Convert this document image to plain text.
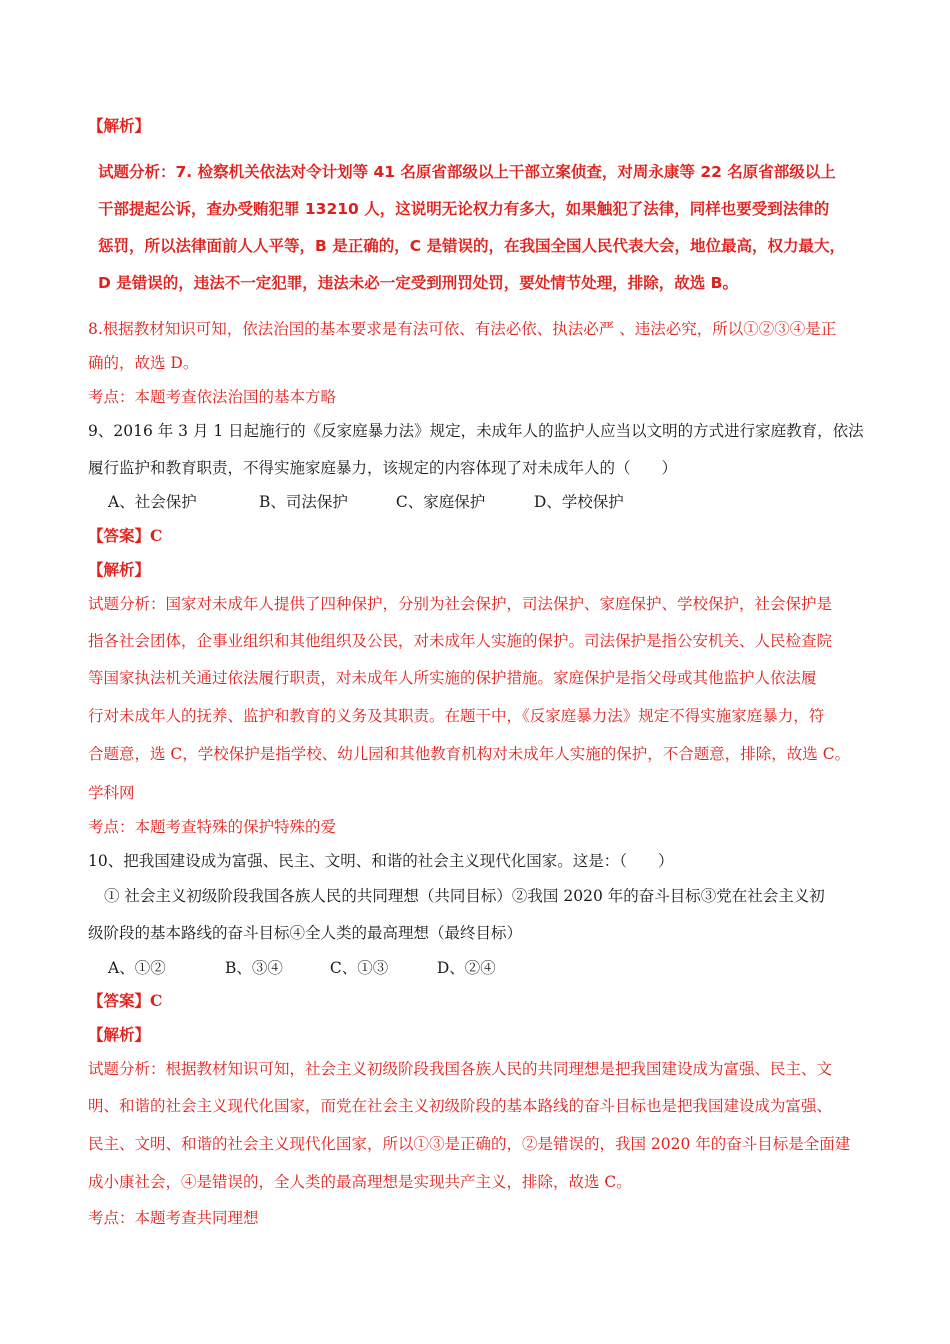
【解析】
试题分析：7. 检察机关依法对令计划等 41 名原省部级以上干部立案侦查，对周永康等 22 名原省部级以上
干部提起公诉，查办受贿犯罪 13210 人，这说明无论权力有多大，如果触犯了法律，同样也要受到法律的
惩罚，所以法律面前人人平等，B 是正确的，C 是错误的，在我国全国人民代表大会，地位最高，权力最大，
D 是错误的，违法不一定犯罪，违法未必一定受到刑罚处罚，要处情节处理，排除，故选 B。
8.根据教材知识可知，依法治国的基本要求是有法可依、有法必依、执法必严 、违法必究，所以①②③④是正
确的，故选 D。
考点：本题考查依法治国的基本方略
9、2016 年 3 月 1 日起施行的《反家庭暴力法》规定，未成年人的监护人应当以文明的方式进行家庭教育，依法
履行监护和教育职责，不得实施家庭暴力，该规定的内容体现了对未成年人的（　　）
A、社会保护	B、司法保护	C、家庭保护	D、学校保护
【答案】C
【解析】
试题分析：国家对未成年人提供了四种保护，分别为社会保护，司法保护、家庭保护、学校保护，社会保护是
指各社会团体，企事业组织和其他组织及公民，对未成年人实施的保护。司法保护是指公安机关、人民检查院
等国家执法机关通过依法履行职责，对未成年人所实施的保护措施。家庭保护是指父母或其他监护人依法履
行对未成年人的抚养、监护和教育的义务及其职责。在题干中，《反家庭暴力法》规定不得实施家庭暴力，符
合题意，选 C，学校保护是指学校、幼儿园和其他教育机构对未成年人实施的保护，不合题意，排除，故选 C。
学科网
考点：本题考查特殊的保护特殊的爱
10、把我国建设成为富强、民主、文明、和谐的社会主义现代化国家。这是：（　　）
① 社会主义初级阶段我国各族人民的共同理想（共同目标）②我国 2020 年的奋斗目标③党在社会主义初
级阶段的基本路线的奋斗目标④全人类的最高理想（最终目标）
A、①②	B、③④	C、①③	D、②④
【答案】C
【解析】
试题分析：根据教材知识可知，社会主义初级阶段我国各族人民的共同理想是把我国建设成为富强、民主、文
明、和谐的社会主义现代化国家，而党在社会主义初级阶段的基本路线的奋斗目标也是把我国建设成为富强、
民主、文明、和谐的社会主义现代化国家，所以①③是正确的，②是错误的，我国 2020 年的奋斗目标是全面建
成小康社会，④是错误的，全人类的最高理想是实现共产主义，排除，故选 C。
考点：本题考查共同理想
